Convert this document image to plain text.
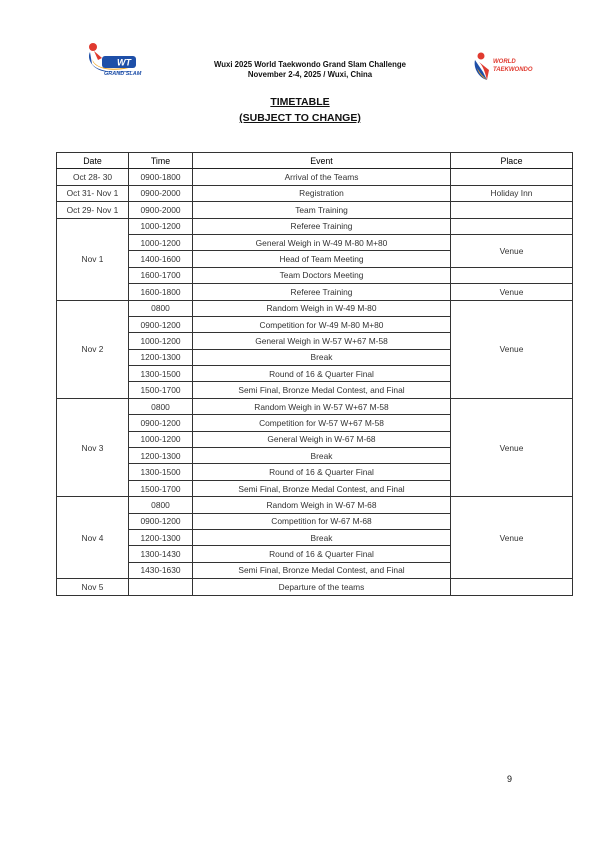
WT
GRAND SLAM
Wuxi 2025 World Taekwondo Grand Slam Challenge
November 2-4, 2025 / Wuxi, China
WORLD
TAEKWONDO
TIMETABLE
(SUBJECT TO CHANGE)
Date	Time	Event	Place
Oct 28- 30	0900-1800	Arrival of the Teams	
Oct 31- Nov 1	0900-2000	Registration	Holiday Inn
Oct 29- Nov 1	0900-2000	Team Training	
Nov 1	1000-1200	Referee Training	
	1000-1200	General Weigh in W-49 M-80 M+80	Venue
	1400-1600	Head of Team Meeting	
	1600-1700	Team Doctors Meeting	
	1600-1800	Referee Training	Venue
Nov 2	0800	Random Weigh in W-49 M-80	Venue
	0900-1200	Competition for W-49 M-80 M+80	
	1000-1200	General Weigh in W-57 W+67 M-58	
	1200-1300	Break	
	1300-1500	Round of 16 & Quarter Final	
	1500-1700	Semi Final, Bronze Medal Contest, and Final	
Nov 3	0800	Random Weigh in W-57 W+67 M-58	Venue
	0900-1200	Competition for W-57 W+67 M-58	
	1000-1200	General Weigh in W-67 M-68	
	1200-1300	Break	
	1300-1500	Round of 16 & Quarter Final	
	1500-1700	Semi Final, Bronze Medal Contest, and Final	
Nov 4	0800	Random Weigh in W-67 M-68	Venue
	0900-1200	Competition for W-67 M-68	
	1200-1300	Break	
	1300-1430	Round of 16 & Quarter Final	
	1430-1630	Semi Final, Bronze Medal Contest, and Final	
Nov 5		Departure of the teams	
9
